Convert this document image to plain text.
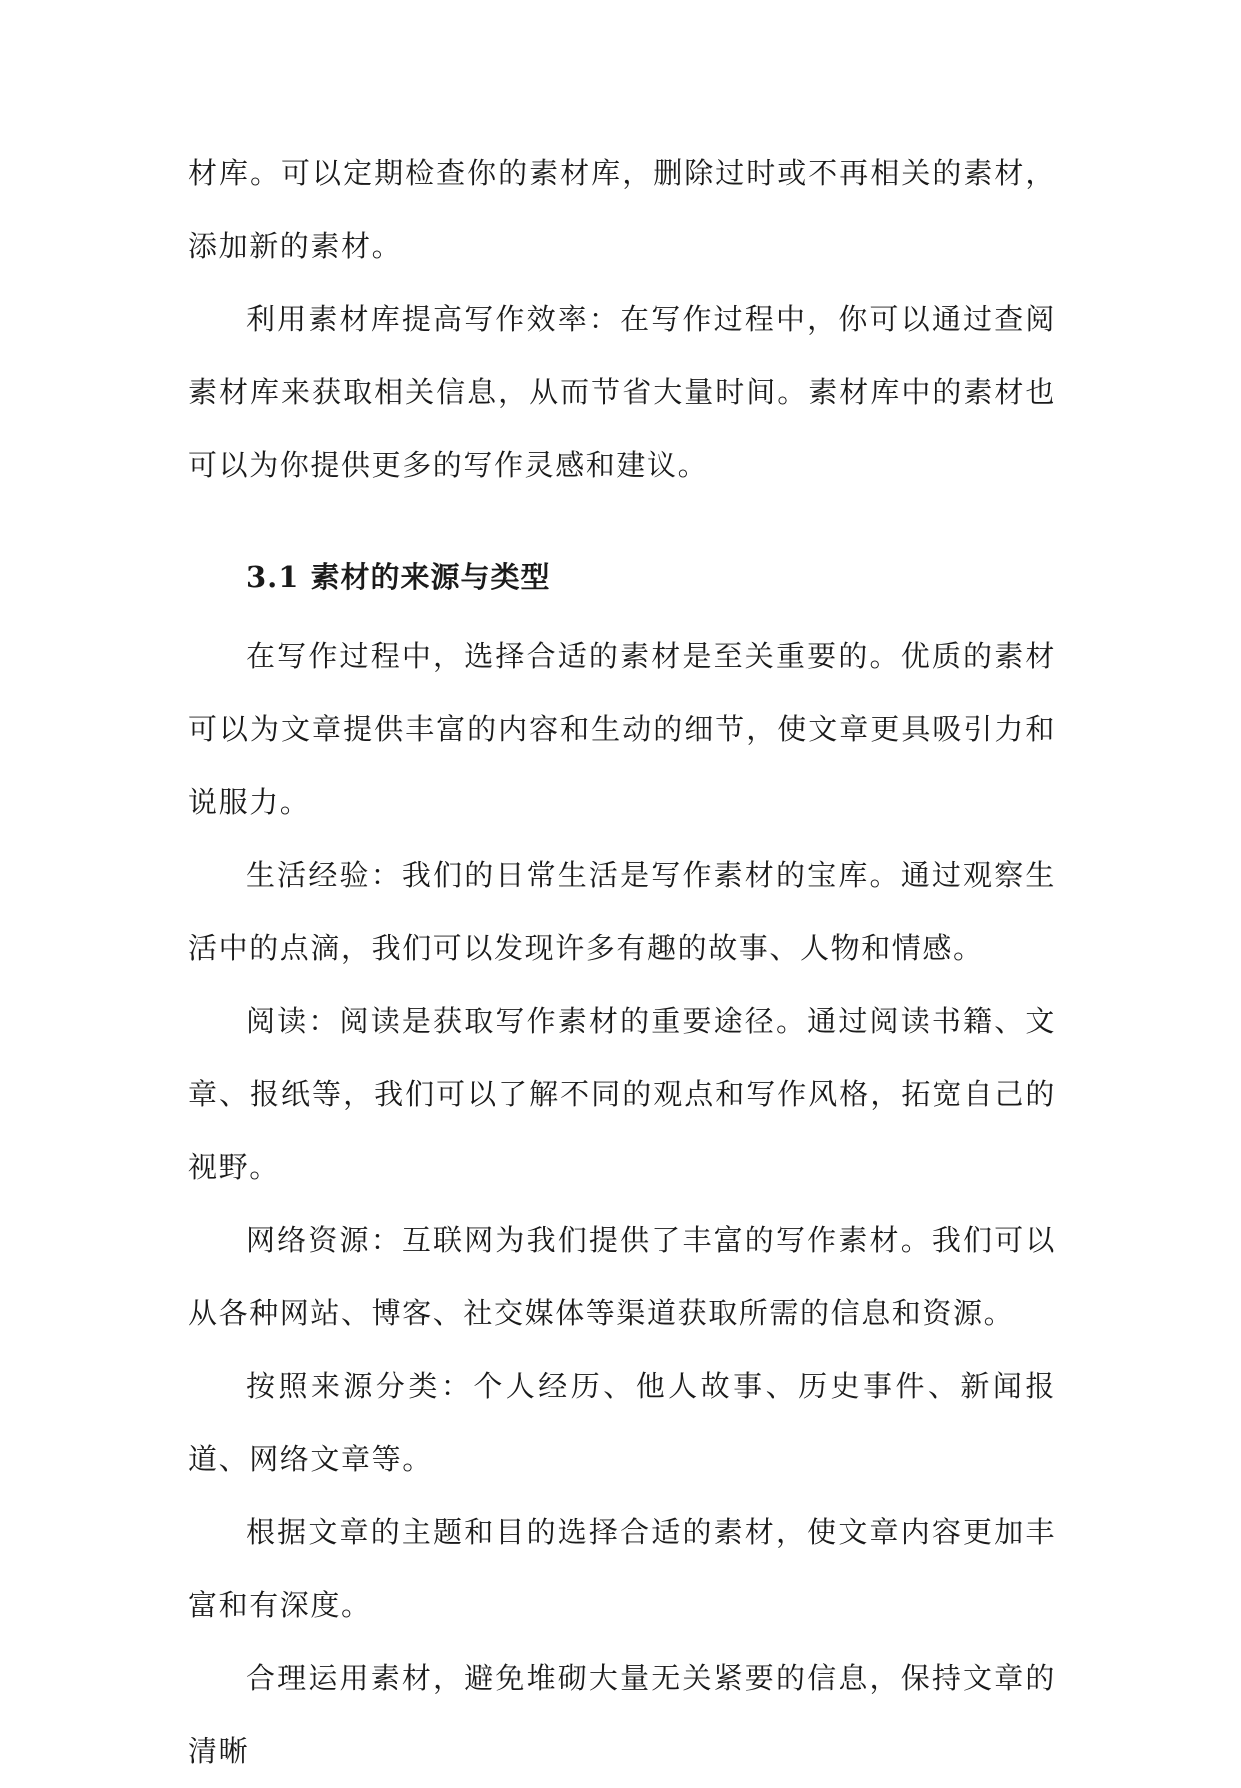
材库。可以定期检查你的素材库，删除过时或不再相关的素材，添加新的素材。

利用素材库提高写作效率：在写作过程中，你可以通过查阅素材库来获取相关信息，从而节省大量时间。素材库中的素材也可以为你提供更多的写作灵感和建议。

3.1 素材的来源与类型

在写作过程中，选择合适的素材是至关重要的。优质的素材可以为文章提供丰富的内容和生动的细节，使文章更具吸引力和说服力。

生活经验：我们的日常生活是写作素材的宝库。通过观察生活中的点滴，我们可以发现许多有趣的故事、人物和情感。

阅读：阅读是获取写作素材的重要途径。通过阅读书籍、文章、报纸等，我们可以了解不同的观点和写作风格，拓宽自己的视野。

网络资源：互联网为我们提供了丰富的写作素材。我们可以从各种网站、博客、社交媒体等渠道获取所需的信息和资源。

按照来源分类：个人经历、他人故事、历史事件、新闻报道、网络文章等。

根据文章的主题和目的选择合适的素材，使文章内容更加丰富和有深度。

合理运用素材，避免堆砌大量无关紧要的信息，保持文章的清晰
